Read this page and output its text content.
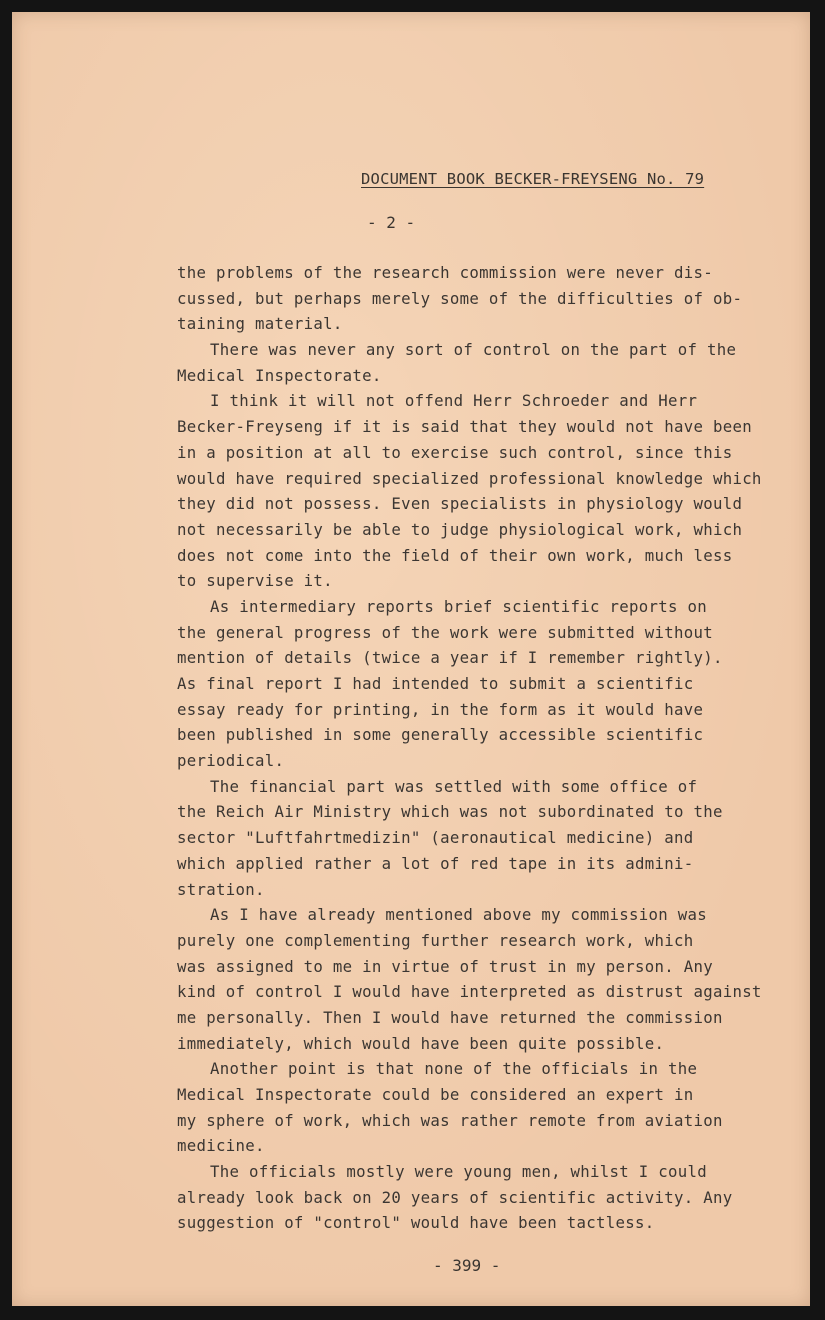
DOCUMENT BOOK BECKER-FREYSENG No. 79
- 2 -
the problems of the research commission were never dis-
cussed, but perhaps merely some of the difficulties of ob-
taining material.
There was never any sort of control on the part of the
Medical Inspectorate.
I think it will not offend Herr Schroeder and Herr
Becker-Freyseng if it is said that they would not have been
in a position at all to exercise such control, since this
would have required specialized professional knowledge which
they did not possess. Even specialists in physiology would
not necessarily be able to judge physiological work, which
does not come into the field of their own work, much less
to supervise it.
As intermediary reports brief scientific reports on
the general progress of the work were submitted without
mention of details (twice a year if I remember rightly).
As final report I had intended to submit a scientific
essay ready for printing, in the form as it would have
been published in some generally accessible scientific
periodical.
The financial part was settled with some office of
the Reich Air Ministry which was not subordinated to the
sector "Luftfahrtmedizin" (aeronautical medicine) and
which applied rather a lot of red tape in its admini-
stration.
As I have already mentioned above my commission was
purely one complementing further research work, which
was assigned to me in virtue of trust in my person. Any
kind of control I would have interpreted as distrust against
me personally. Then I would have returned the commission
immediately, which would have been quite possible.
Another point is that none of the officials in the
Medical Inspectorate could be considered an expert in
my sphere of work, which was rather remote from aviation
medicine.
The officials mostly were young men, whilst I could
already look back on 20 years of scientific activity. Any
suggestion of "control" would have been tactless.
- 399 -
